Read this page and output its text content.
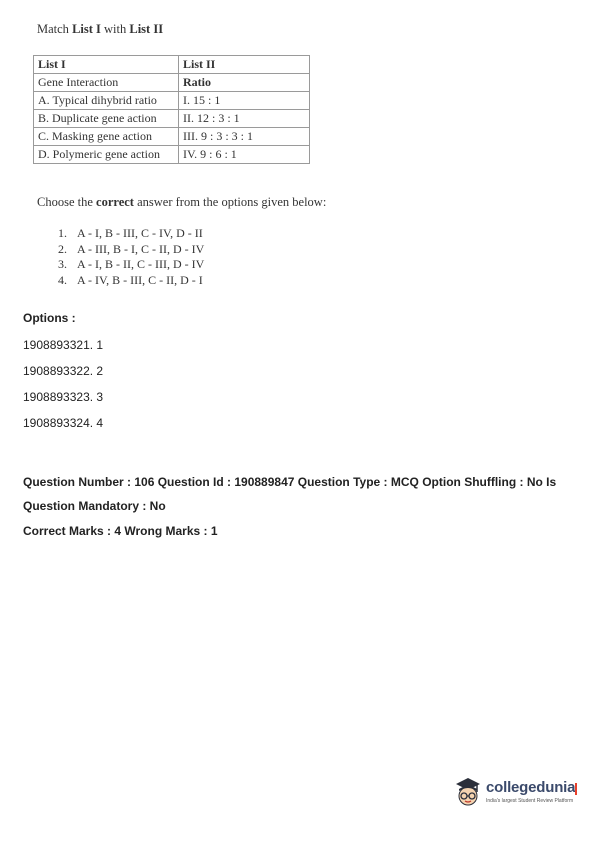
Match List I with List II

List I	List II
Gene Interaction	Ratio
A. Typical dihybrid ratio	I. 15 : 1
B. Duplicate gene action	II. 12 : 3 : 1
C. Masking gene action	III. 9 : 3 : 3 : 1
D. Polymeric gene action	IV. 9 : 6 : 1

Choose the correct answer from the options given below:

1. A - I, B - III, C - IV, D - II
2. A - III, B - I, C - II, D - IV
3. A - I, B - II, C - III, D - IV
4. A - IV, B - III, C - II, D - I
Options :
1908893321. 1
1908893322. 2
1908893323. 3
1908893324. 4
Question Number : 106 Question Id : 190889847 Question Type : MCQ Option Shuffling : No Is
Question Mandatory : No
Correct Marks : 4 Wrong Marks : 1
collegedunia
India's largest Student Review Platform
